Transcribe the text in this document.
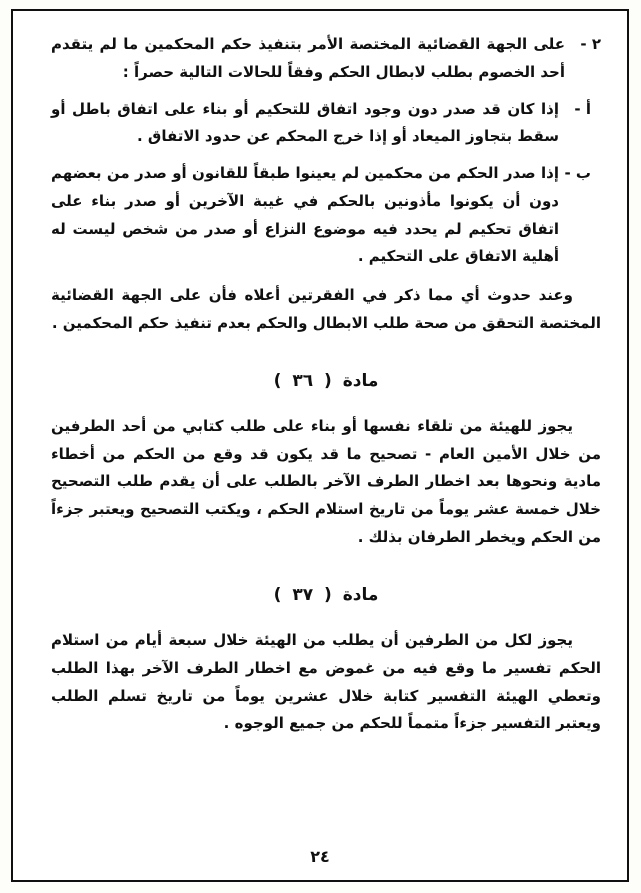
٢ -
على الجهة القضائية المختصة الأمر بتنفيذ حكم المحكمين ما لم يتقدم أحد الخصوم بطلب لابطال الحكم وفقاً للحالات التالية حصراً :
أ -
إذا كان قد صدر دون وجود اتفاق للتحكيم أو بناء على اتفاق باطل أو سقط بتجاوز الميعاد أو إذا خرج المحكم عن حدود الاتفاق .
ب -
إذا صدر الحكم من محكمين لم يعينوا طبقاً للقانون أو صدر من بعضهم دون أن يكونوا مأذونين بالحكم في غيبة الآخرين أو صدر بناء على اتفاق تحكيم لم يحدد فيه موضوع النزاع أو صدر من شخص ليست له أهلية الاتفاق على التحكيم .

وعند حدوث أي مما ذكر في الفقرتين أعلاه فأن على الجهة القضائية المختصة التحقق من صحة طلب الابطال والحكم بعدم تنفيذ حكم المحكمين .

مادة ( ٣٦ )

يجوز للهيئة من تلقاء نفسها أو بناء على طلب كتابي من أحد الطرفين من خلال الأمين العام - تصحيح ما قد يكون قد وقع من الحكم من أخطاء مادية ونحوها بعد اخطار الطرف الآخر بالطلب على أن يقدم طلب التصحيح خلال خمسة عشر يوماً من تاريخ استلام الحكم ، ويكتب التصحيح ويعتبر جزءاً من الحكم ويخطر الطرفان بذلك .

مادة ( ٣٧ )

يجوز لكل من الطرفين أن يطلب من الهيئة خلال سبعة أيام من استلام الحكم تفسير ما وقع فيه من غموض مع اخطار الطرف الآخر بهذا الطلب وتعطي الهيئة التفسير كتابة خلال عشرين يوماً من تاريخ تسلم الطلب ويعتبر التفسير جزءاً متمماً للحكم من جميع الوجوه .

٢٤
